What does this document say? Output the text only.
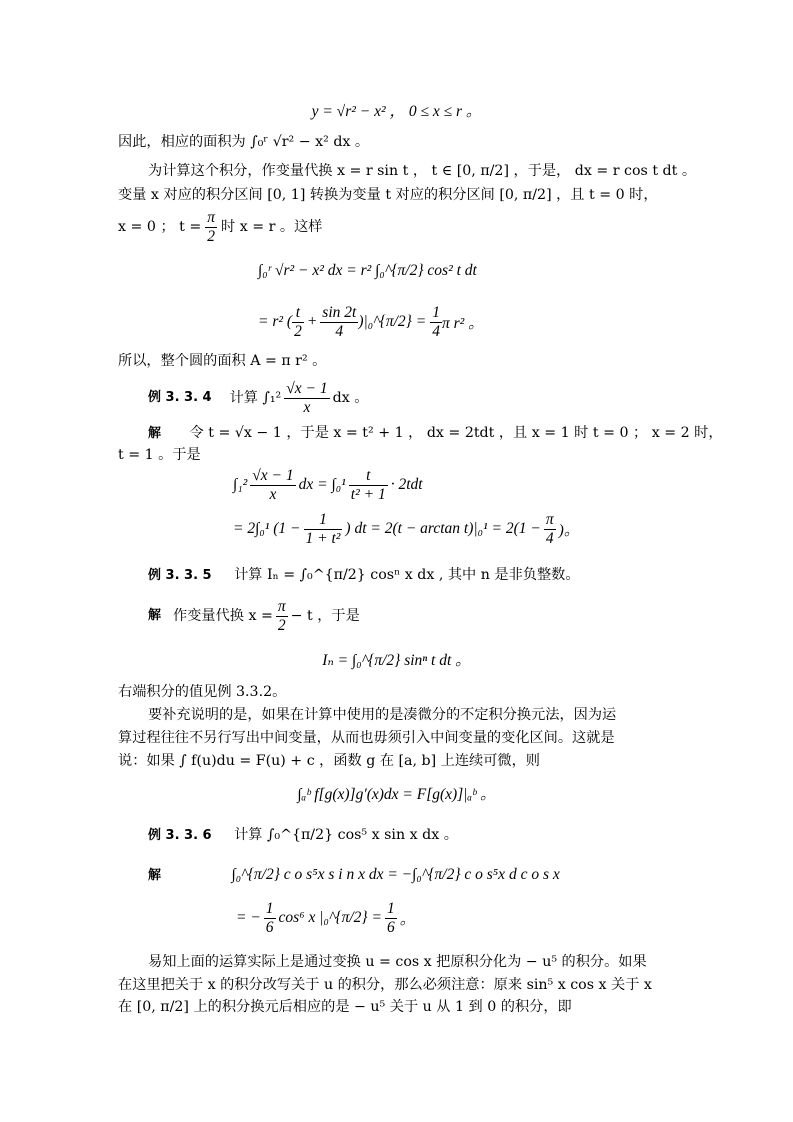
y = √r² − x² ， 0 ≤ x ≤ r 。
因此，相应的面积为 ∫₀ʳ √r² − x² dx 。
为计算这个积分，作变量代换 x = r sin t ， t ∈ [0, π/2] ，于是， dx = r cos t dt 。
变量 x 对应的积分区间 [0, 1] 转换为变量 t 对应的积分区间 [0, π/2] ，且 t = 0 时，
x = 0 ； $t = \frac{\pi}{2}$ 时 x = r 。这样
∫₀ʳ √r² − x² dx = r² ∫₀^{π/2} cos² t dt
= r² ( $\frac{t}{2} + \frac{\sin 2t}{4}$ )|₀^{π/2} = $\frac{1}{4}$ π r² 。
所以，整个圆的面积 A = π r² 。
例 3. 3. 4 计算 $\int_1^2 \frac{√x - 1}{x}$ dx 。
解 令 t = √x − 1 ，于是 x = t² + 1 ， dx = 2tdt ，且 x = 1 时 t = 0 ； x = 2 时，
t = 1 。于是
$\int_1^2 \frac{√x - 1}{x}$ dx = $\int_0^1 \frac{t}{\text{t² + 1}} \cdot 2tdt$
= 2∫₀¹ ($1 - \frac{1}{\text{1 + t²}}$ ) dt = $2(t - \arctan t)|_0^1 = 2(1 - \frac{\pi}{4}$ )。
例 3. 3. 5 计算 Iₙ = ∫₀^{π/2} cosⁿ x dx , 其中 n 是非负整数。
解 作变量代换 $x = \frac{\pi}{2} - t$ ，于是
Iₙ = ∫₀^{π/2} sinⁿ t dt 。
右端积分的值见例 3.3.2。
要补充说明的是，如果在计算中使用的是凑微分的不定积分换元法，因为运
算过程往往不另行写出中间变量，从而也毋须引入中间变量的变化区间。这就是
说：如果 ∫ f(u)du = F(u) + c ，函数 g 在 [a, b] 上连续可微，则
∫ₐᵇ f[g(x)]g′(x)dx = F[g(x)]|ₐᵇ 。
例 3. 3. 6 计算 ∫₀^{π/2} cos⁵ x sin x dx 。
解	∫₀^{π/2} c o s⁵x s i n x dx = −∫₀^{π/2} c o s⁵x d c o s x
= − $\frac{1}{6} \cos^6$ x |₀^{π/2} = $\frac{1}{6}$ 。
易知上面的运算实际上是通过变换 u = cos x 把原积分化为 − u⁵ 的积分。如果
在这里把关于 x 的积分改写关于 u 的积分，那么必须注意：原来 sin⁵ x cos x 关于 x
在 [0, π/2] 上的积分换元后相应的是 − u⁵ 关于 u 从 1 到 0 的积分，即
